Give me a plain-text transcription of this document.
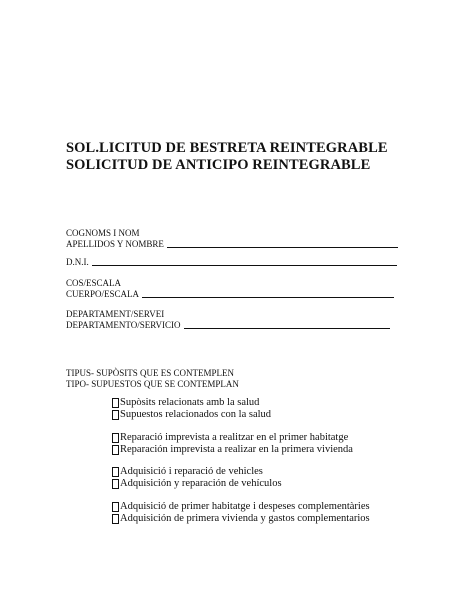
SOL.LICITUD DE BESTRETA REINTEGRABLE
SOLICITUD DE ANTICIPO REINTEGRABLE
COGNOMS I NOM
APELLIDOS Y NOMBRE
D.N.I.
COS/ESCALA
CUERPO/ESCALA
DEPARTAMENT/SERVEI
DEPARTAMENTO/SERVICIO
TIPUS- SUPÒSITS QUE ES CONTEMPLEN
TIPO- SUPUESTOS QUE SE CONTEMPLAN
Supòsits relacionats amb la salud
Supuestos relacionados con la salud
Reparació imprevista a realitzar en el primer habitatge
Reparación imprevista a realizar en la primera vivienda
Adquisició i reparació de vehicles
Adquisición y reparación de vehículos
Adquisició de primer habitatge i despeses complementàries
Adquisición de primera vivienda y gastos complementarios
